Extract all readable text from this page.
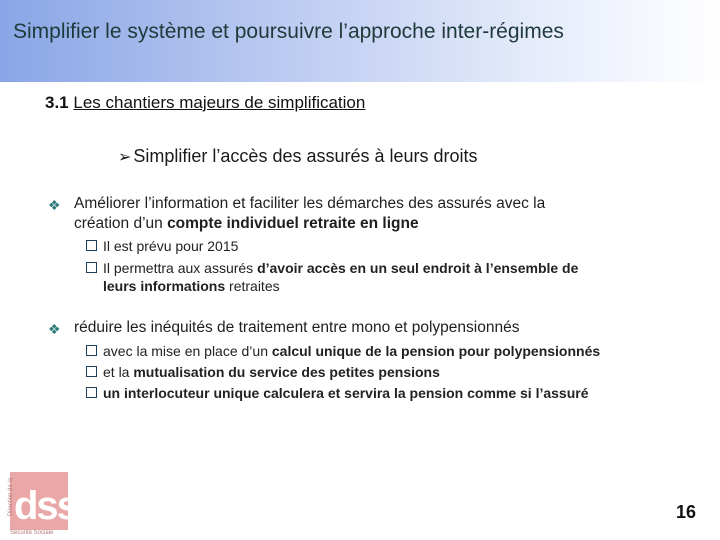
Simplifier le système et poursuivre l’approche inter-régimes
3.1 Les chantiers majeurs de simplification
➢ Simplifier l’accès des assurés à leurs droits
❖ Améliorer l’information et faciliter les démarches des assurés avec la
création d’un compte individuel retraite en ligne
Il est prévu pour 2015
Il permettra aux assurés d’avoir accès en un seul endroit à l’ensemble de
leurs informations retraites
❖ réduire les inéquités de traitement entre mono et polypensionnés
avec la mise en place d’un calcul unique de la pension pour polypensionnés
et la mutualisation du service des petites pensions
un interlocuteur unique calculera et servira la pension comme si l’assuré
dss
Direction de la
Sécurité Sociale
16
